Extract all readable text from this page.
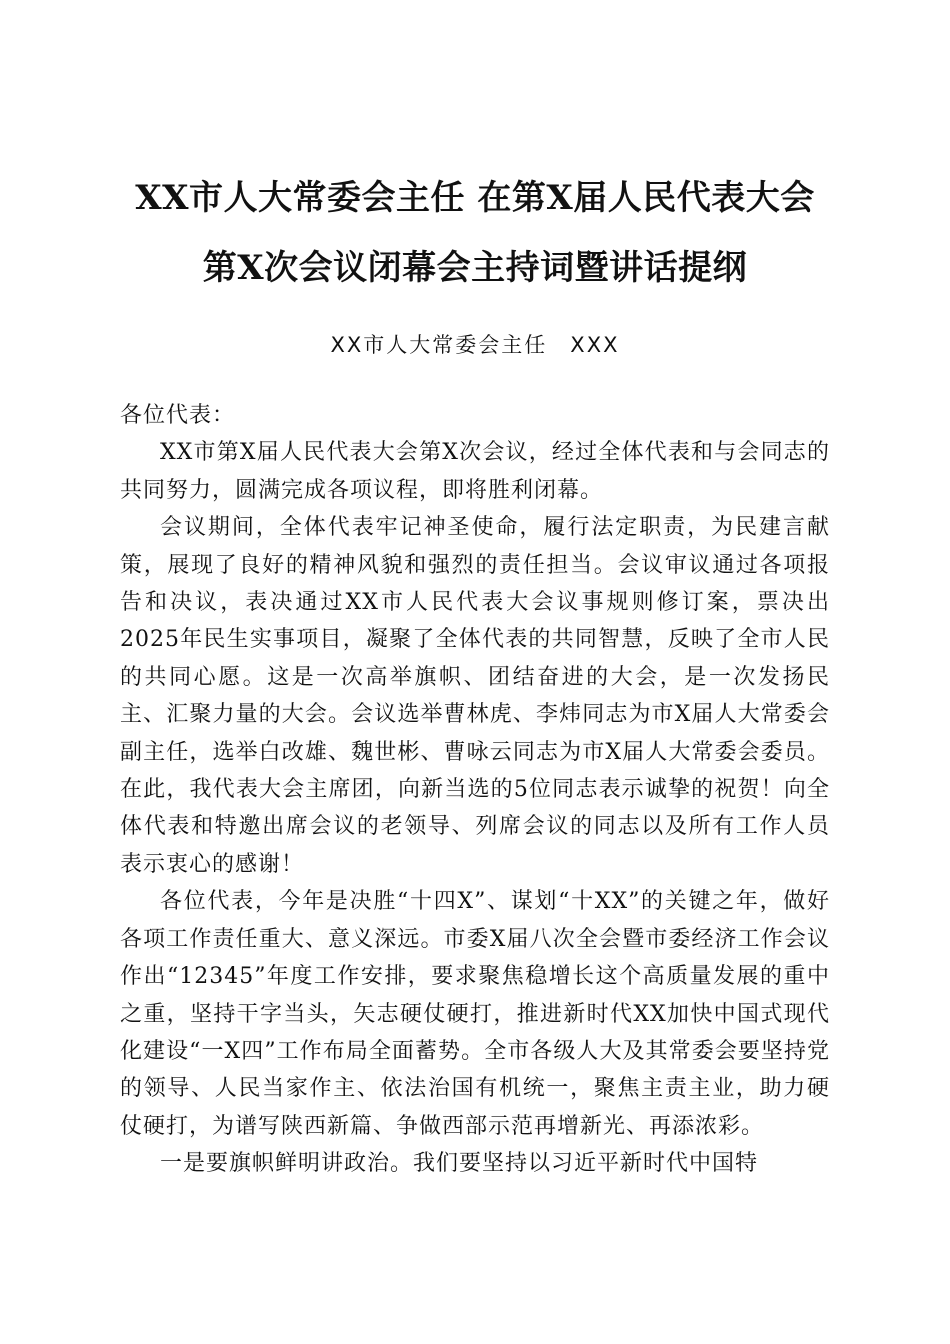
XX市人大常委会主任 在第X届人民代表大会
第X次会议闭幕会主持词暨讲话提纲
XX市人大常委会主任　XXX

各位代表：

XX市第X届人民代表大会第X次会议，经过全体代表和与会同志的共同努力，圆满完成各项议程，即将胜利闭幕。

会议期间，全体代表牢记神圣使命，履行法定职责，为民建言献策，展现了良好的精神风貌和强烈的责任担当。会议审议通过各项报告和决议，表决通过XX市人民代表大会议事规则修订案，票决出2025年民生实事项目，凝聚了全体代表的共同智慧，反映了全市人民的共同心愿。这是一次高举旗帜、团结奋进的大会，是一次发扬民主、汇聚力量的大会。会议选举曹林虎、李炜同志为市X届人大常委会副主任，选举白改雄、魏世彬、曹咏云同志为市X届人大常委会委员。在此，我代表大会主席团，向新当选的5位同志表示诚挚的祝贺！向全体代表和特邀出席会议的老领导、列席会议的同志以及所有工作人员表示衷心的感谢！

各位代表，今年是决胜“十四X”、谋划“十XX”的关键之年，做好各项工作责任重大、意义深远。市委X届八次全会暨市委经济工作会议作出“12345”年度工作安排，要求聚焦稳增长这个高质量发展的重中之重，坚持干字当头，矢志硬仗硬打，推进新时代XX加快中国式现代化建设“一X四”工作布局全面蓄势。全市各级人大及其常委会要坚持党的领导、人民当家作主、依法治国有机统一，聚焦主责主业，助力硬仗硬打，为谱写陕西新篇、争做西部示范再增新光、再添浓彩。

一是要旗帜鲜明讲政治。我们要坚持以习近平新时代中国特
